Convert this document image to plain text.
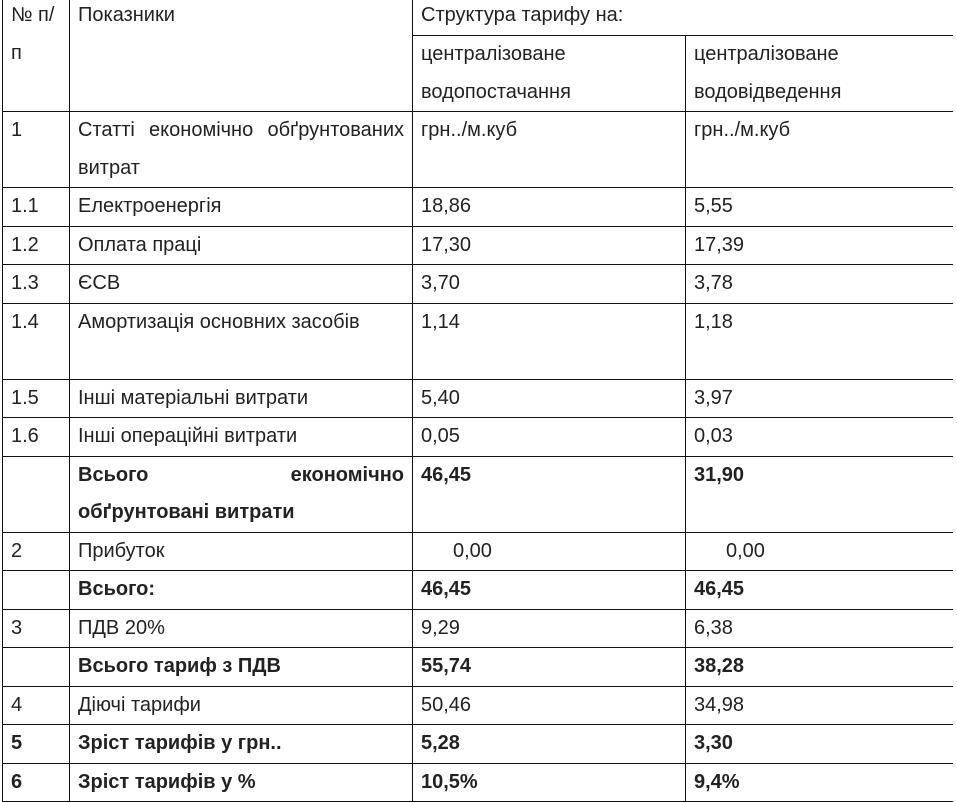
№ п/п	Показники	Структура тарифу на:	
		централізоване водопостачання	централізоване водовідведення
1	Статті економічно обґрунтованих витрат	грн../м.куб	грн../м.куб
1.1	Електроенергія	18,86	5,55
1.2	Оплата праці	17,30	17,39
1.3	ЄСВ	3,70	3,78
1.4	Амортизація основних засобів	1,14	1,18
1.5	Інші матеріальні витрати	5,40	3,97
1.6	Інші операційні витрати	0,05	0,03
	Всього економічно обґрунтовані витрати	46,45	31,90
2	Прибуток	0,00	0,00
	Всього:	46,45	46,45
3	ПДВ 20%	9,29	6,38
	Всього тариф з ПДВ	55,74	38,28
4	Діючі тарифи	50,46	34,98
5	Зріст тарифів у грн..	5,28	3,30
6	Зріст тарифів у %	10,5%	9,4%
